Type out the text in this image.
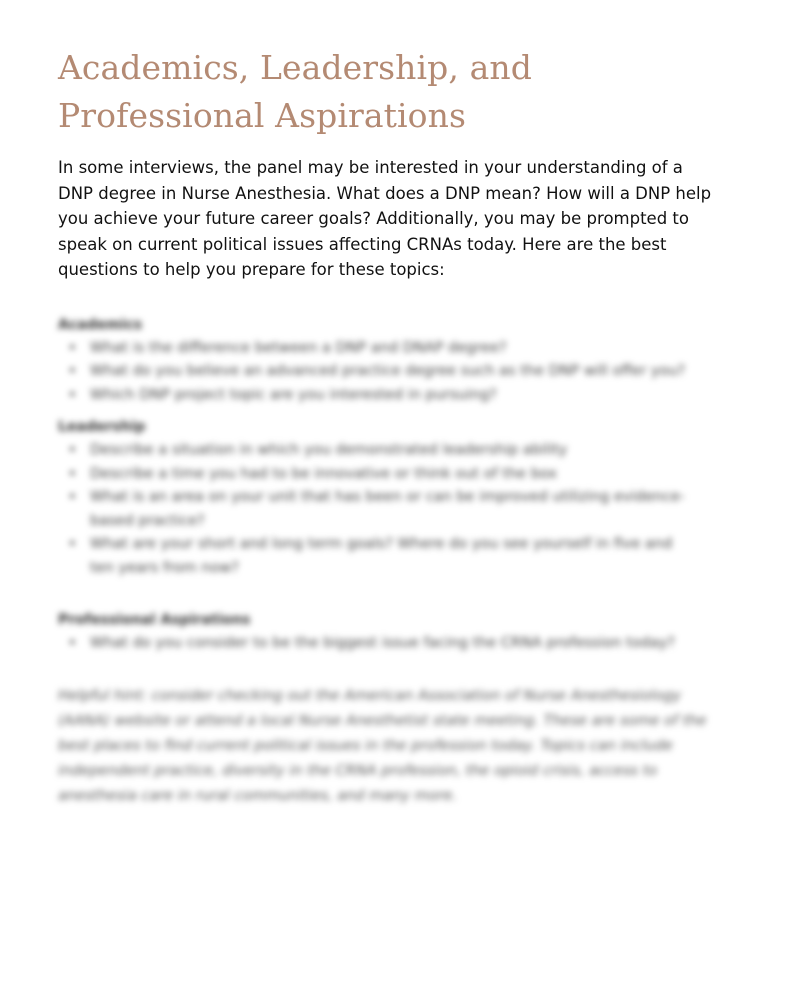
Academics, Leadership, and Professional Aspirations

In some interviews, the panel may be interested in your understanding of a DNP degree in Nurse Anesthesia. What does a DNP mean? How will a DNP help you achieve your future career goals? Additionally, you may be prompted to speak on current political issues affecting CRNAs today. Here are the best questions to help you prepare for these topics:

Academics

• What is the difference between a DNP and DNAP degree?
• What do you believe an advanced practice degree such as the DNP will offer you?
• Which DNP project topic are you interested in pursuing?

Leadership

• Describe a situation in which you demonstrated leadership ability
• Describe a time you had to be innovative or think out of the box
• What is an area on your unit that has been or can be improved utilizing evidence-based practice?
• What are your short and long term goals? Where do you see yourself in five and ten years from now?

Professional Aspirations

• What do you consider to be the biggest issue facing the CRNA profession today?

Helpful hint: consider checking out the American Association of Nurse Anesthesiology (AANA) website or attend a local Nurse Anesthetist state meeting. These are some of the best places to find current political issues in the profession today. Topics can include independent practice, diversity in the CRNA profession, the opioid crisis, access to anesthesia care in rural communities, and many more.
